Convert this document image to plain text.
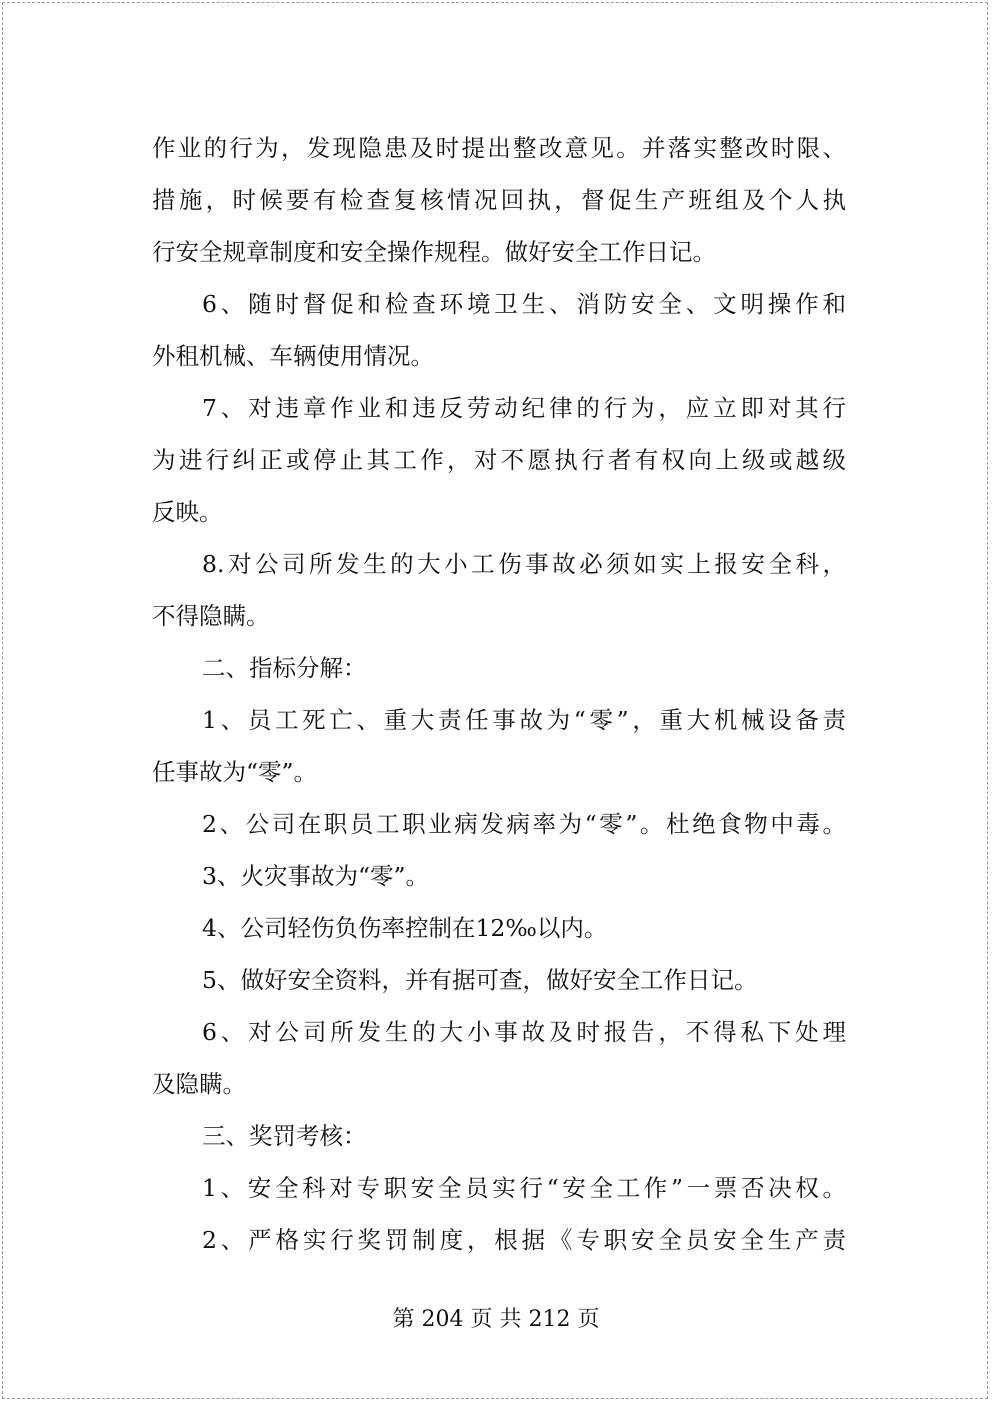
作业的行为，发现隐患及时提出整改意见。并落实整改时限、
措施，时候要有检查复核情况回执，督促生产班组及个人执
行安全规章制度和安全操作规程。做好安全工作日记。
6、随时督促和检查环境卫生、消防安全、文明操作和
外租机械、车辆使用情况。
7、对违章作业和违反劳动纪律的行为，应立即对其行
为进行纠正或停止其工作，对不愿执行者有权向上级或越级
反映。
8.对公司所发生的大小工伤事故必须如实上报安全科，
不得隐瞒。
二、指标分解：
1、员工死亡、重大责任事故为“零”，重大机械设备责
任事故为“零”。
2、公司在职员工职业病发病率为“零”。杜绝食物中毒。
3、火灾事故为“零”。
4、公司轻伤负伤率控制在12‰以内。
5、做好安全资料，并有据可查，做好安全工作日记。
6、对公司所发生的大小事故及时报告，不得私下处理
及隐瞒。
三、奖罚考核：
1、安全科对专职安全员实行“安全工作”一票否决权。
2、严格实行奖罚制度，根据《专职安全员安全生产责
第 204 页 共 212 页
